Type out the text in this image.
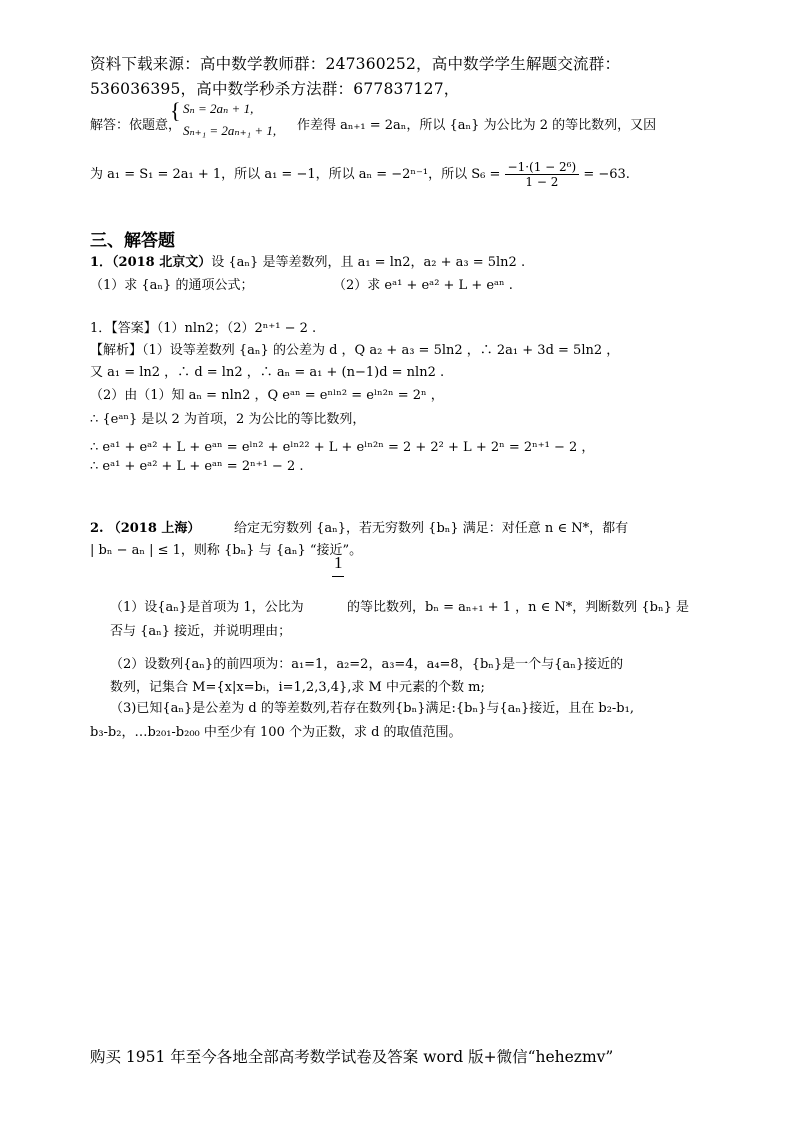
资料下载来源：高中数学教师群：247360252，高中数学学生解题交流群：
536036395，高中数学秒杀方法群：677837127，
解答：依题意，
{ Sₙ = 2aₙ + 1,
Sₙ₊₁ = 2aₙ₊₁ + 1, 作差得 aₙ₊₁ = 2aₙ，所以 {aₙ} 为公比为 2 的等比数列，又因
为 a₁ = S₁ = 2a₁ + 1，所以 a₁ = −1，所以 aₙ = −2ⁿ⁻¹，所以 $S_6 = \frac{\text{−1·(1 − 2⁶)}}{1 - 2} = -63$.
三、解答题
1．（2018 北京文）设 {aₙ} 是等差数列，且 a₁ = ln2，a₂ + a₃ = 5ln2 .
（1）求 {aₙ} 的通项公式；	（2）求 eᵃ¹ + eᵃ² + L + eᵃⁿ .
1．【答案】（1）nln2；（2）2ⁿ⁺¹ − 2 .
【解析】（1）设等差数列 {aₙ} 的公差为 d ，Q a₂ + a₃ = 5ln2 ，∴ 2a₁ + 3d = 5ln2 ，
又 a₁ = ln2 ，∴ d = ln2 ，∴ aₙ = a₁ + (n−1)d = nln2 .
（2）由（1）知 aₙ = nln2 ，Q eᵃⁿ = eⁿˡⁿ² = eˡⁿ²ⁿ = 2ⁿ ，
∴ {eᵃⁿ} 是以 2 为首项，2 为公比的等比数列，
∴ eᵃ¹ + eᵃ² + L + eᵃⁿ = eˡⁿ² + eˡⁿ²² + L + eˡⁿ²ⁿ = 2 + 2² + L + 2ⁿ = 2ⁿ⁺¹ − 2 ，
∴ eᵃ¹ + eᵃ² + L + eᵃⁿ = 2ⁿ⁺¹ − 2 .
2. （2018 上海）	给定无穷数列 {aₙ}，若无穷数列 {bₙ} 满足：对任意 n ∈ N*，都有
| bₙ − aₙ | ≤ 1，则称 {bₙ} 与 {aₙ} “接近”。
1
（1）设{aₙ}是首项为 1，公比为	的等比数列，bₙ = aₙ₊₁ + 1 ，n ∈ N*，判断数列 {bₙ} 是
否与 {aₙ} 接近，并说明理由；
（2）设数列{aₙ}的前四项为：a₁=1，a₂=2，a₃=4，a₄=8，{bₙ}是一个与{aₙ}接近的
数列，记集合 M={x|x=bᵢ，i=1,2,3,4},求 M 中元素的个数 m;
（3)已知{aₙ}是公差为 d 的等差数列,若存在数列{bₙ}满足:{bₙ}与{aₙ}接近，且在 b₂-b₁,
b₃-b₂，…b₂₀₁-b₂₀₀ 中至少有 100 个为正数，求 d 的取值范围。
购买 1951 年至今各地全部高考数学试卷及答案 word 版+微信“hehezmv”
